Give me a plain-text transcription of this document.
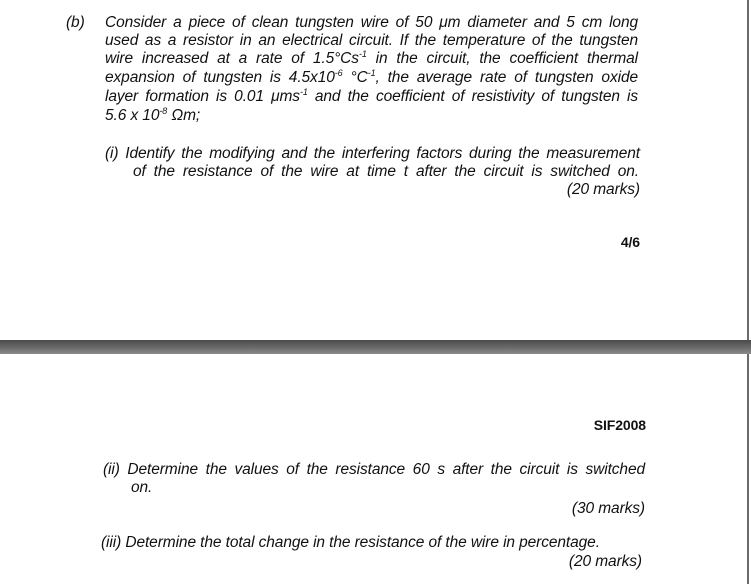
(b) Consider a piece of clean tungsten wire of 50 μm diameter and 5 cm long
used as a resistor in an electrical circuit. If the temperature of the tungsten
wire increased at a rate of $1.5^\circ Cs^{-1}$ in the circuit, the coefficient thermal
expansion of tungsten is $4.5x10^{-6}$ $^\circ C^{-1}$, the average rate of tungsten oxide
layer formation is 0.01 μms$^{-1}$ and the coefficient of resistivity of tungsten is
5.6 x $10^{-8}$ Ωm;
(i) Identify the modifying and the interfering factors during the measurement
of the resistance of the wire at time t after the circuit is switched on.
(20 marks)
4/6
SIF2008
(ii) Determine the values of the resistance 60 s after the circuit is switched
on.
(30 marks)
(iii) Determine the total change in the resistance of the wire in percentage.
(20 marks)
